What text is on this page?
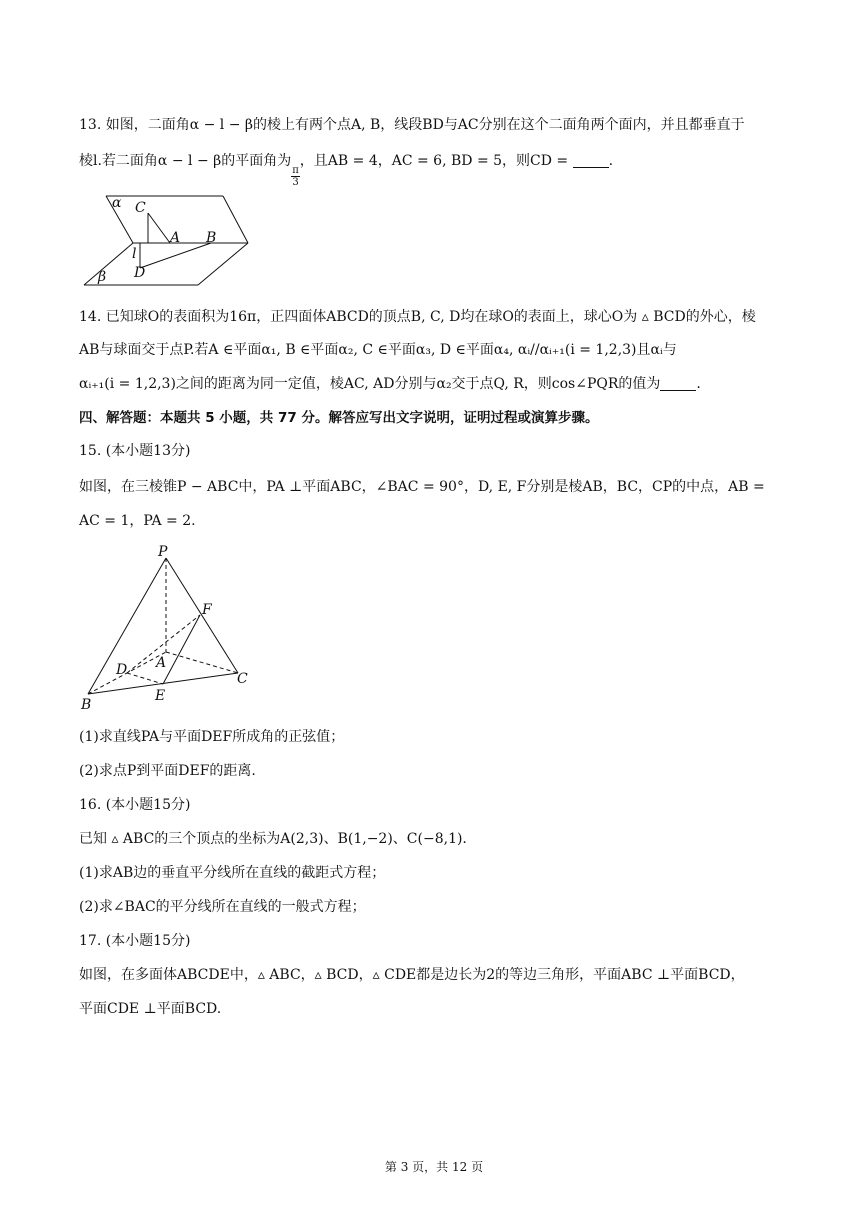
13. 如图，二面角α − l − β的棱上有两个点A, B，线段BD与AC分别在这个二面角两个面内，并且都垂直于
棱l.若二面角α − l − β的平面角为
$\frac{\pi}{3}$
，且AB = 4，AC = 6, BD = 5，则CD =	.
α C
A B
l
D
β
14. 已知球O的表面积为16π，正四面体ABCD的顶点B, C, D均在球O的表面上，球心O为 ▵ BCD的外心，棱
AB与球面交于点P.若A ∈平面α₁, B ∈平面α₂, C ∈平面α₃, D ∈平面α₄, αᵢ//αᵢ₊₁(i = 1,2,3)且αᵢ与
αᵢ₊₁(i = 1,2,3)之间的距离为同一定值，棱AC, AD分别与α₂交于点Q, R，则cos∠PQR的值为	.
四、解答题：本题共 5 小题，共 77 分。解答应写出文字说明，证明过程或演算步骤。
15. (本小题13分)
如图，在三棱锥P − ABC中，PA ⊥平面ABC，∠BAC = 90°，D, E, F分别是棱AB，BC，CP的中点，AB =
AC = 1，PA = 2.
P
F
D A
C
E
B
(1)求直线PA与平面DEF所成角的正弦值；
(2)求点P到平面DEF的距离.
16. (本小题15分)
已知 ▵ ABC的三个顶点的坐标为A(2,3)、B(1,−2)、C(−8,1).
(1)求AB边的垂直平分线所在直线的截距式方程；
(2)求∠BAC的平分线所在直线的一般式方程；
17. (本小题15分)
如图，在多面体ABCDE中，▵ ABC，▵ BCD，▵ CDE都是边长为2的等边三角形，平面ABC ⊥平面BCD，
平面CDE ⊥平面BCD.
第 3 页，共 12 页
